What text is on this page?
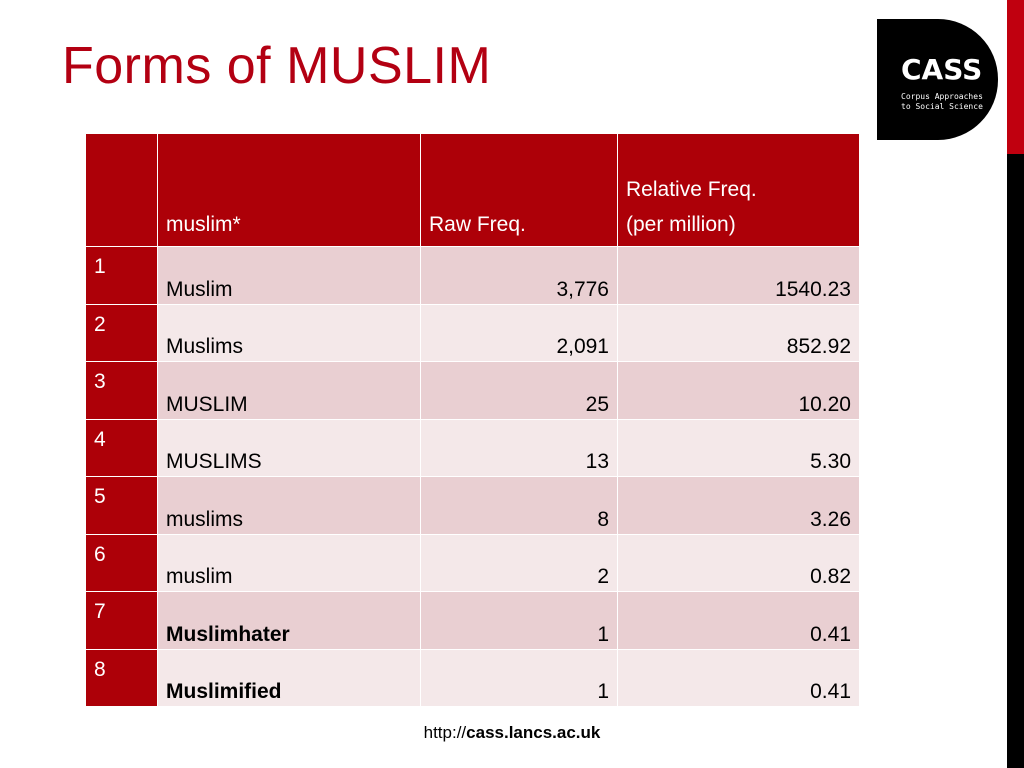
Forms of MUSLIM	CASS
Corpus Approaches
to Social Science
	muslim*	Raw Freq.	Relative Freq.
(per million)

1	Muslim	3,776	1540.23
2	Muslims	2,091	852.92
3	MUSLIM	25	10.20
4	MUSLIMS	13	5.30
5	muslims	8	3.26
6	muslim	2	0.82
7	Muslimhater	1	0.41
8	Muslimified	1	0.41
http://cass.lancs.ac.uk
